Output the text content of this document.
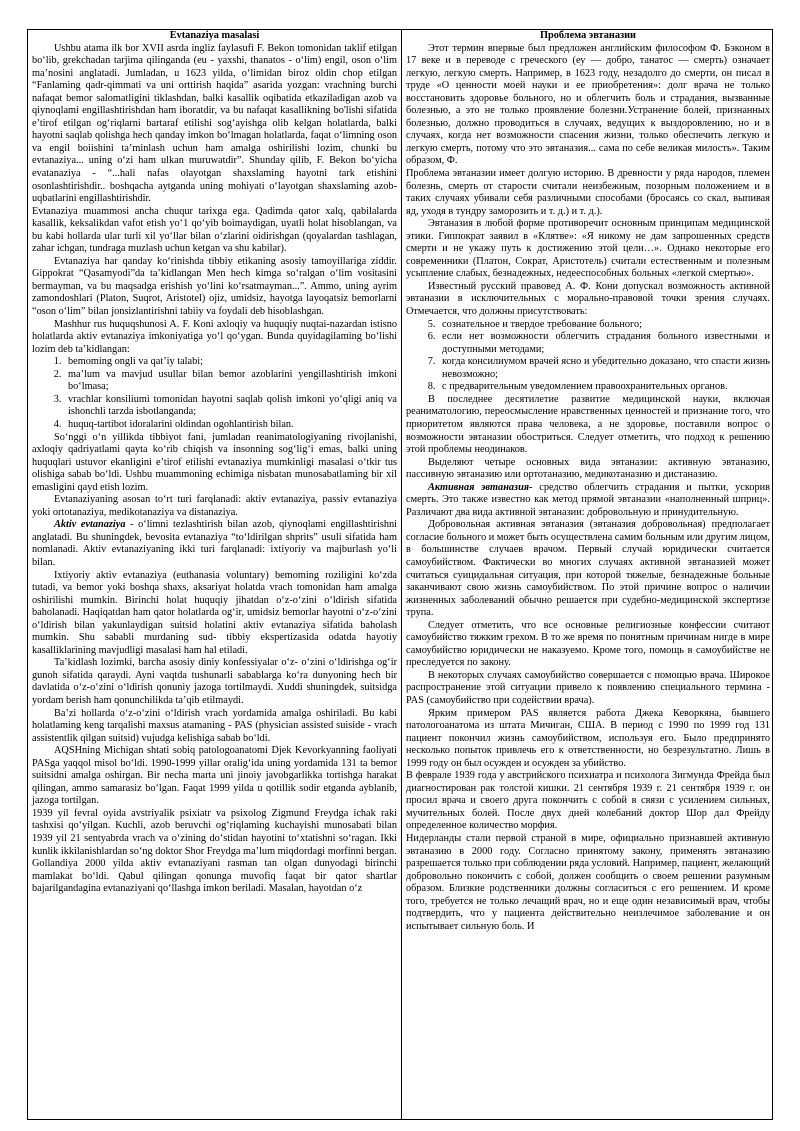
Evtanaziya masalasi

Ushbu atama ilk bor XVII asrda ingliz faylasufi F. Bekon tomonidan taklif etilgan bo‘lib, grekchadan tarjima qilinganda (eu - yaxshi, thanatos - o‘lim) engil, oson o‘lim ma’nosini anglatadi. Jumladan, u 1623 yilda, o‘limidan biroz oldin chop etilgan “Fanlaming qadr-qimmati va uni orttirish haqida” asarida yozgan: vrachning burchi nafaqat bemor salomatligini tiklashdan, balki kasallik oqibatida etkaziladigan azob va qiynoqlami engillashtirishdan ham iboratdir, va bu nafaqat kasallikning bo'lishi sifatida e’tirof etilgan og‘riqlarni bartaraf etilishi sog‘ayishga olib kelgan holatlarda, balki hayotni saqlab qolishga hech qanday imkon bo‘lmagan holatlarda, faqat o‘limning oson va engil boiishini ta’minlash uchun ham amalga oshirilishi lozim, chunki bu evtanaziya... uning o‘zi ham ulkan muruwatdir”. Shunday qilib, F. Bekon bo‘yicha evatanaziya - “...hali nafas olayotgan shaxslaming hayotni tark etishini osonlashtirishdir.. boshqacha aytganda uning mohiyati o‘layotgan shaxslaming azob- uqbatlarini engillashtirishdir.

Evtanaziya muammosi ancha chuqur tarixga ega. Qadimda qator xalq, qabilalarda kasallik, keksalikdan vafot etish yo‘1 qo‘yib boimaydigan, uyatli holat hisoblangan, va bu kabi hollarda ular turli xil yo‘llar bilan o‘zlarini oidirishgan (qoyalardan tashlagan, zahar ichgan, tundraga muzlash uchun ketgan va shu kabilar).

Evtanaziya har qanday ko‘rinishda tibbiy etikaning asosiy tamoyillariga ziddir. Gippokrat “Qasamyodi”da ta’kidlangan Men hech kimga so‘ralgan o‘lim vositasini bermayman, va bu maqsadga erishish yo‘lini ko‘rsatmayman...”. Ammo, uning ayrim zamondoshlari (Platon, Suqrot, Aristotel) ojiz, umidsiz, hayotga layoqatsiz bemorlarni “oson o‘lim” bilan jonsizlantirishni tabiiy va foydali deb hisoblashgan.

Mashhur rus huquqshunosi A. F. Koni axloqiy va huquqiy nuqtai-nazardan istisno holatlarda aktiv evtanaziya imkoniyatiga yo‘l qo‘ygan. Bunda quyidagilaming bo‘lishi lozim deb ta’kidlangan:

1. bemoming ongli va qat’iy talabi;
2. ma’lum va mavjud usullar bilan bemor azoblarini yengillashtirish imkoni bo‘lmasa;
3. vrachlar konsiliumi tomonidan hayotni saqlab qolish imkoni yo‘qligi aniq va ishonchli tarzda isbotlanganda;
4. huquq-tartibot idoralarini oldindan ogohlantirish bilan.

So‘nggi o‘n yillikda tibbiyot fani, jumladan reanimatologiyaning rivojlanishi, axloqiy qadriyatlami qayta ko‘rib chiqish va insonning sog‘lig‘i emas, balki uning huquqlari ustuvor ekanligini e’tirof etilishi evtanaziya mumkinligi masalasi o‘tkir tus olishiga sabab bo‘ldi. Ushbu muammoning echimiga nisbatan munosabatlaming bir xil emasligini qayd etish lozim.

Evtanaziyaning asosan to‘rt turi farqlanadi: aktiv evtanaziya, passiv evtanaziya yoki ortotanaziya, medikotanaziya va distanaziya.

Aktiv evtanaziya - o‘limni tezlashtirish bilan azob, qiynoqlami engillashtirishni anglatadi. Bu shuningdek, bevosita evtanaziya “to‘ldirilgan shprits” usuli sifatida ham nomlanadi. Aktiv evtanaziyaning ikki turi farqlanadi: ixtiyoriy va majburlash yo‘li bilan.

Ixtiyoriy aktiv evtanaziya (euthanasia voluntary) bemoming roziligini ko‘zda tutadi, va bemor yoki boshqa shaxs, aksariyat holatda vrach tomonidan ham amalga oshirilishi mumkin. Birinchi holat huquqiy jihatdan o‘z-o‘zini o‘ldirish sifatida baholanadi. Haqiqatdan ham qator holatlarda og‘ir, umidsiz bemorlar hayotni o‘z-o‘zini o‘ldirish bilan yakunlaydigan suitsid holatini aktiv evtanaziya sifatida baholash mumkin. Shu sababli murdaning sud- tibbiy ekspertizasida odatda hayotiy kasalliklarining mavjudligi masalasi ham hal etiladi.

Ta’kidlash lozimki, barcha asosiy diniy konfessiyalar o‘z- o‘zini o‘ldirishga og‘ir gunoh sifatida qaraydi. Ayni vaqtda tushunarli sabablarga ko‘ra dunyoning hech bir davlatida o‘z-o‘zini o‘ldirish qonuniy jazoga tortilmaydi. Xuddi shuningdek, suitsidga yordam berish ham qonunchilikda ta’qib etilmaydi.

Ba’zi hollarda o‘z-o‘zini o‘ldirish vrach yordamida amalga oshiriladi. Bu kabi holatlaming keng tarqalishi maxsus atamaning - PAS (physician assisted suiside - vrach assistentlik qilgan suitsid) vujudga kelishiga sabab bo‘ldi.

AQSHning Michigan shtati sobiq patologoanatomi Djek Kevorkyanning faoliyati PASga yaqqol misol bo‘ldi. 1990-1999 yillar oralig‘ida uning yordamida 131 ta bemor suitsidni amalga oshirgan. Bir necha marta uni jinoiy javobgarlikka tortishga harakat qilingan, ammo samarasiz bo‘lgan. Faqat 1999 yilda u qotillik sodir etganda ayblanib, jazoga tortilgan.

1939 yil fevral oyida avstriyalik psixiatr va psixolog Zigmund Freydga ichak raki tashxisi qo‘yilgan. Kuchli, azob beruvchi og‘riqlaming kuchayishi munosabati bilan 1939 yil 21 sentyabrda vrach va o‘zining do‘stidan hayotini to‘xtatishni so‘ragan. Ikki kunlik ikkilanishlardan so‘ng doktor Shor Freydga ma’lum miqdordagi morfinni bergan.

Gollandiya 2000 yilda aktiv evtanaziyani rasman tan olgan dunyodagi birinchi mamlakat bo‘ldi. Qabul qilingan qonunga muvofiq faqat bir qator shartlar bajarilgandagina evtanaziyani qo‘llashga imkon beriladi. Masalan, hayotdan o‘z

Проблема эвтаназии

Этот термин впервые был предложен английским философом Ф. Бэконом в 17 веке и в переводе с греческого (еу — добро, танатос — смерть) означает легкую, легкую смерть. Например, в 1623 году, незадолго до смерти, он писал в труде «О ценности моей науки и ее приобретения»: долг врача не только восстановить здоровье больного, но и облегчить боль и страдания, вызванные болезнью, а это не только проявление болезни.Устранение болей, признанных болезнью, должно проводиться в случаях, ведущих к выздоровлению, но и в случаях, когда нет возможности спасения жизни, только обеспечить легкую и легкую смерть, потому что это эвтаназия... сама по себе великая милость». Таким образом, Ф.

Проблема эвтаназии имеет долгую историю. В древности у ряда народов, племен болезнь, смерть от старости считали неизбежным, позорным положением и в таких случаях убивали себя различными способами (бросаясь со скал, выпивая яд, уходя в тундру заморозить и т. д.) и т. д.).

Эвтаназия в любой форме противоречит основным принципам медицинской этики. Гиппократ заявил в «Клятве»: «Я никому не дам запрошенных средств смерти и не укажу путь к достижению этой цели…». Однако некоторые его современники (Платон, Сократ, Аристотель) считали естественным и полезным усыпление слабых, безнадежных, недееспособных больных «легкой смертью».

Известный русский правовед А. Ф. Кони допускал возможность активной эвтаназии в исключительных с морально-правовой точки зрения случаях. Отмечается, что должны присутствовать:

5. сознательное и твердое требование больного;
6. если нет возможности облегчить страдания больного известными и доступными методами;
7. когда консилиумом врачей ясно и убедительно доказано, что спасти жизнь невозможно;
8. с предварительным уведомлением правоохранительных органов.

В последнее десятилетие развитие медицинской науки, включая реаниматологию, переосмысление нравственных ценностей и признание того, что приоритетом являются права человека, а не здоровье, поставили вопрос о возможности эвтаназии обостриться. Следует отметить, что подход к решению этой проблемы неодинаков.

Выделяют четыре основных вида эвтаназии: активную эвтаназию, пассивную эвтаназию или ортотаназию, медикотаназию и дистаназию.

Активная эвтаназия- средство облегчить страдания и пытки, ускорив смерть. Это также известно как метод прямой эвтаназии «наполненный шприц». Различают два вида активной эвтаназии: добровольную и принудительную.

Добровольная активная эвтаназия (эвтаназия добровольная) предполагает согласие больного и может быть осуществлена самим больным или другим лицом, в большинстве случаев врачом. Первый случай юридически считается самоубийством. Фактически во многих случаях активной эвтаназией может считаться суицидальная ситуация, при которой тяжелые, безнадежные больные заканчивают свою жизнь самоубийством. По этой причине вопрос о наличии жизненных заболеваний обычно решается при судебно-медицинской экспертизе трупа.

Следует отметить, что все основные религиозные конфессии считают самоубийство тяжким грехом. В то же время по понятным причинам нигде в мире самоубийство юридически не наказуемо. Кроме того, помощь в самоубийстве не преследуется по закону.

В некоторых случаях самоубийство совершается с помощью врача. Широкое распространение этой ситуации привело к появлению специального термина - PAS (самоубийство при содействии врача).

Ярким примером PAS является работа Джека Кеворкяна, бывшего патологоанатома из штата Мичиган, США. В период с 1990 по 1999 год 131 пациент покончил жизнь самоубийством, используя его. Было предпринято несколько попыток привлечь его к ответственности, но безрезультатно. Лишь в 1999 году он был осужден и осужден за убийство.

В феврале 1939 года у австрийского психиатра и психолога Зигмунда Фрейда был диагностирован рак толстой кишки. 21 сентября 1939 г. 21 сентября 1939 г. он просил врача и своего друга покончить с собой в связи с усилением сильных, мучительных болей. После двух дней колебаний доктор Шор дал Фрейду определенное количество морфия.

Нидерланды стали первой страной в мире, официально признавшей активную эвтаназию в 2000 году. Согласно принятому закону, применять эвтаназию разрешается только при соблюдении ряда условий. Например, пациент, желающий добровольно покончить с собой, должен сообщить о своем решении разумным образом. Близкие родственники должны согласиться с его решением. И кроме того, требуется не только лечащий врач, но и еще один независимый врач, чтобы подтвердить, что у пациента действительно неизлечимое заболевание и он испытывает сильную боль. И
